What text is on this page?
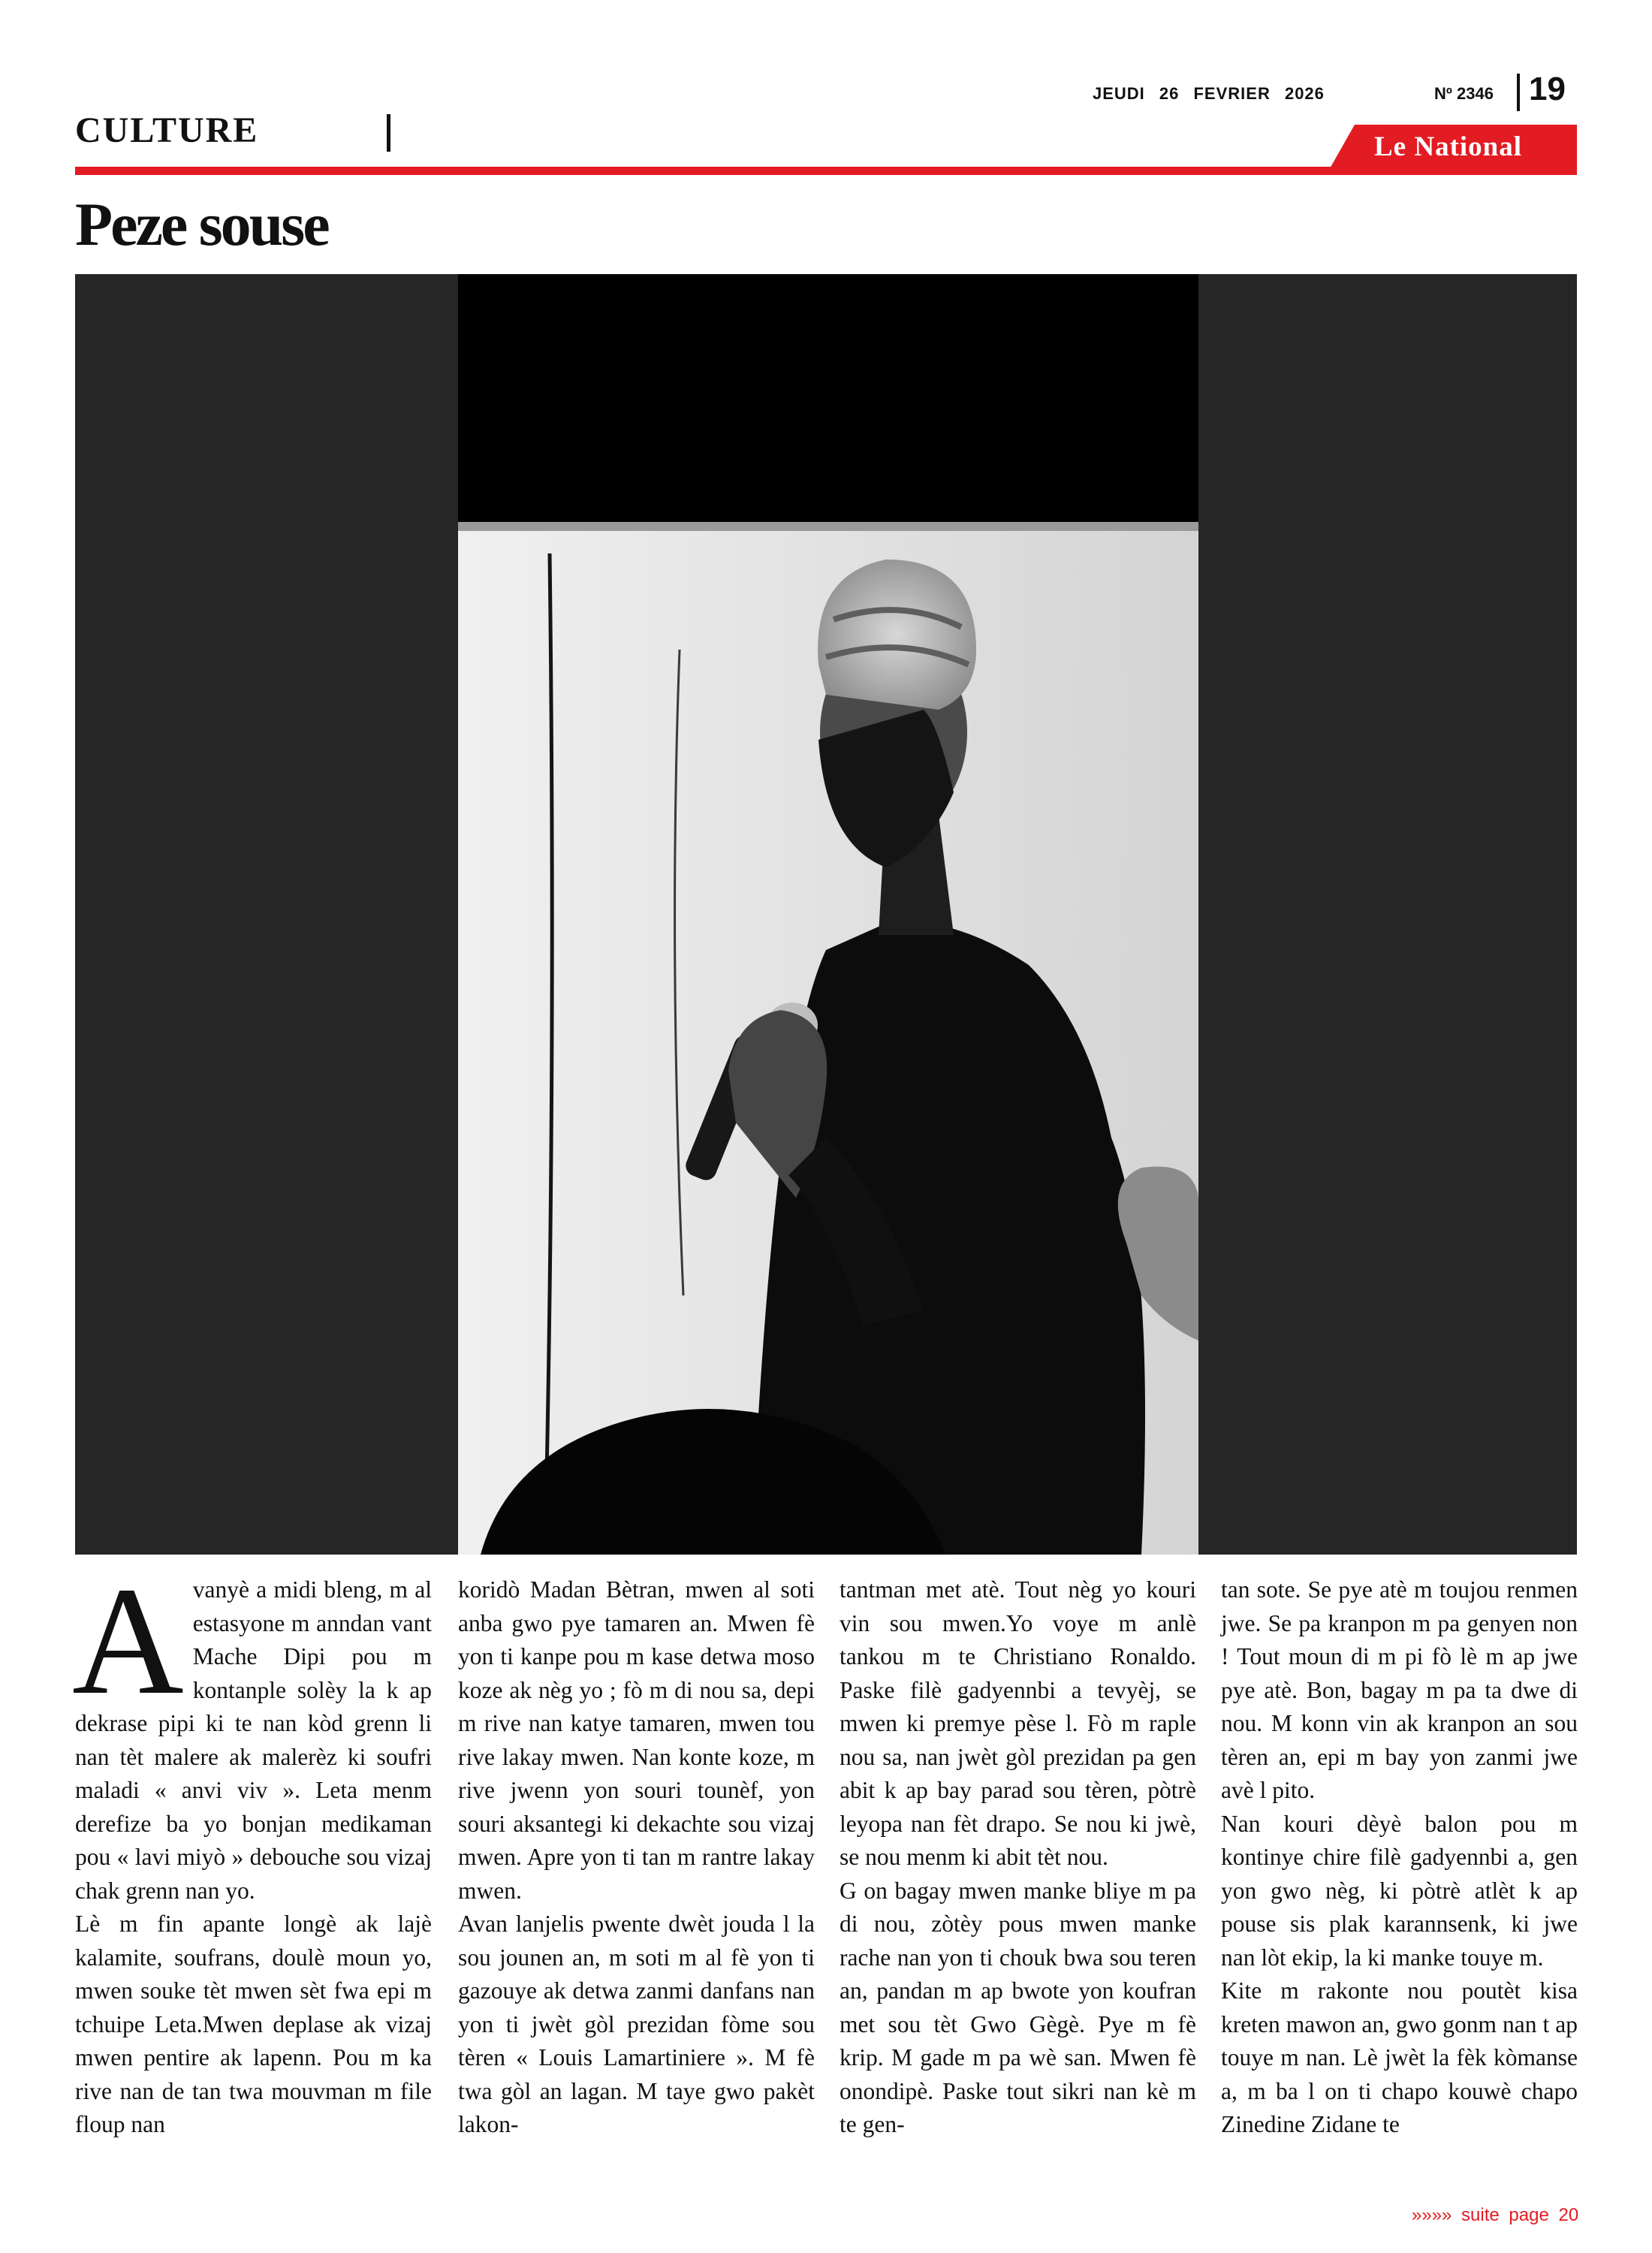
JEUDI 26 FEVRIER 2026	Nº 2346 19
CULTURE	Le National
Peze souse
A vanyè a midi bleng, m al estasyone m anndan vant Mache Dipi pou m kontanple solèy la k ap dekrase pipi ki te nan kòd grenn li nan tèt malere ak malerèz ki soufri maladi « anvi viv ». Leta menm derefize ba yo bonjan medikaman pou « lavi miyò » debouche sou vizaj chak grenn nan yo.

Lè m fin apante longè ak lajè kalamite, soufrans, doulè moun yo, mwen souke tèt mwen sèt fwa epi m tchuipe Leta.Mwen deplase ak vizaj mwen pentire ak lapenn. Pou m ka rive nan de tan twa mouvman m file floup nan

koridò Madan Bètran, mwen al soti anba gwo pye tamaren an. Mwen fè yon ti kanpe pou m kase detwa moso koze ak nèg yo ; fò m di nou sa, depi m rive nan katye tamaren, mwen tou rive lakay mwen. Nan konte koze, m rive jwenn yon souri tounèf, yon souri aksantegi ki dekachte sou vizaj mwen. Apre yon ti tan m rantre lakay mwen.

Avan lanjelis pwente dwèt jouda l la sou jounen an, m soti m al fè yon ti gazouye ak detwa zanmi danfans nan yon ti jwèt gòl prezidan fòme sou tèren « Louis Lamartiniere ». M fè twa gòl an lagan. M taye gwo pakèt lakon-

tantman met atè. Tout nèg yo kouri vin sou mwen.Yo voye m anlè tankou m te Christiano Ronaldo. Paske filè gadyennbi a tevyèj, se mwen ki premye pèse l. Fò m raple nou sa, nan jwèt gòl prezidan pa gen abit k ap bay parad sou tèren, pòtrè leyopa nan fèt drapo. Se nou ki jwè, se nou menm ki abit tèt nou.

G on bagay mwen manke bliye m pa di nou, zòtèy pous mwen manke rache nan yon ti chouk bwa sou teren an, pandan m ap bwote yon koufran met sou tèt Gwo Gègè. Pye m fè krip. M gade m pa wè san. Mwen fè onondipè. Paske tout sikri nan kè m te gen-

tan sote. Se pye atè m toujou renmen jwe. Se pa kranpon m pa genyen non ! Tout moun di m pi fò lè m ap jwe pye atè. Bon, bagay m pa ta dwe di nou. M konn vin ak kranpon an sou tèren an, epi m bay yon zanmi jwe avè l pito.

Nan kouri dèyè balon pou m kontinye chire filè gadyennbi a, gen yon gwo nèg, ki pòtrè atlèt k ap pouse sis plak karannsenk, ki jwe nan lòt ekip, la ki manke touye m.

Kite m rakonte nou poutèt kisa kreten mawon an, gwo gonm nan t ap touye m nan. Lè jwèt la fèk kòmanse a, m ba l on ti chapo kouwè chapo Zinedine Zidane te

»»»» suite page 20
